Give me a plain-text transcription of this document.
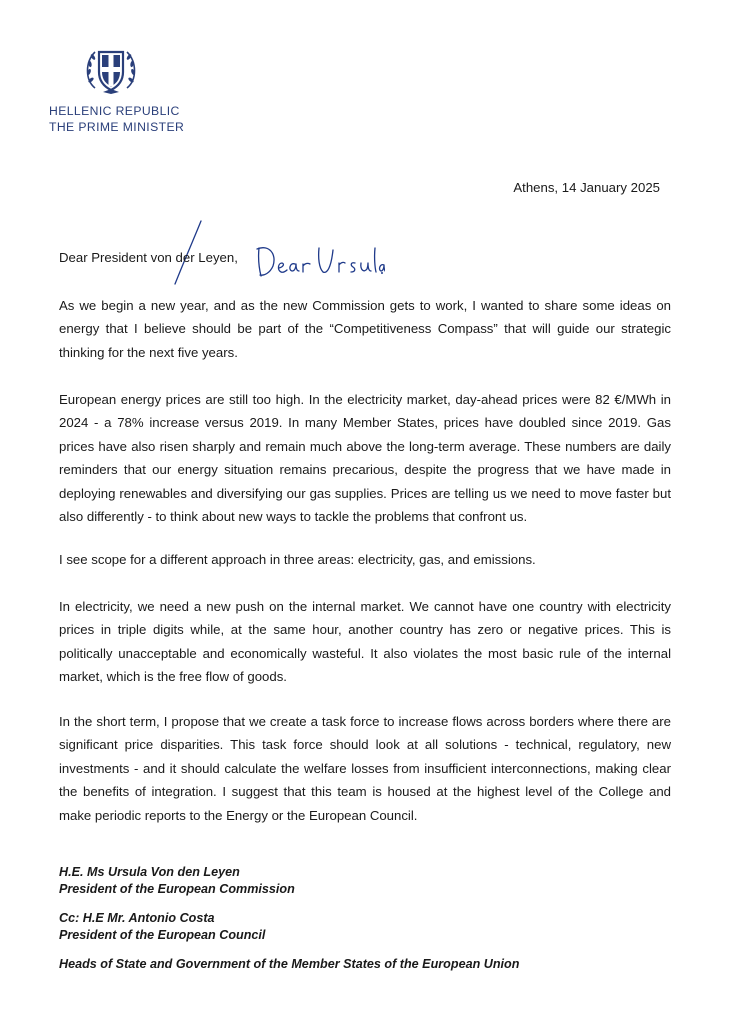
HELLENIC REPUBLIC
THE PRIME MINISTER
Athens, 14 January 2025
Dear President von der Leyen,

As we begin a new year, and as the new Commission gets to work, I wanted to share some ideas on energy that I believe should be part of the “Competitiveness Compass” that will guide our strategic thinking for the next five years.

European energy prices are still too high. In the electricity market, day-ahead prices were 82 €/MWh in 2024 - a 78% increase versus 2019. In many Member States, prices have doubled since 2019. Gas prices have also risen sharply and remain much above the long-term average. These numbers are daily reminders that our energy situation remains precarious, despite the progress that we have made in deploying renewables and diversifying our gas supplies. Prices are telling us we need to move faster but also differently - to think about new ways to tackle the problems that confront us.

I see scope for a different approach in three areas: electricity, gas, and emissions.

In electricity, we need a new push on the internal market. We cannot have one country with electricity prices in triple digits while, at the same hour, another country has zero or negative prices. This is politically unacceptable and economically wasteful. It also violates the most basic rule of the internal market, which is the free flow of goods.

In the short term, I propose that we create a task force to increase flows across borders where there are significant price disparities. This task force should look at all solutions - technical, regulatory, new investments - and it should calculate the welfare losses from insufficient interconnections, making clear the benefits of integration. I suggest that this team is housed at the highest level of the College and make periodic reports to the Energy or the European Council.

H.E. Ms Ursula Von den Leyen
President of the European Commission
Cc: H.E Mr. Antonio Costa
President of the European Council
Heads of State and Government of the Member States of the European Union
